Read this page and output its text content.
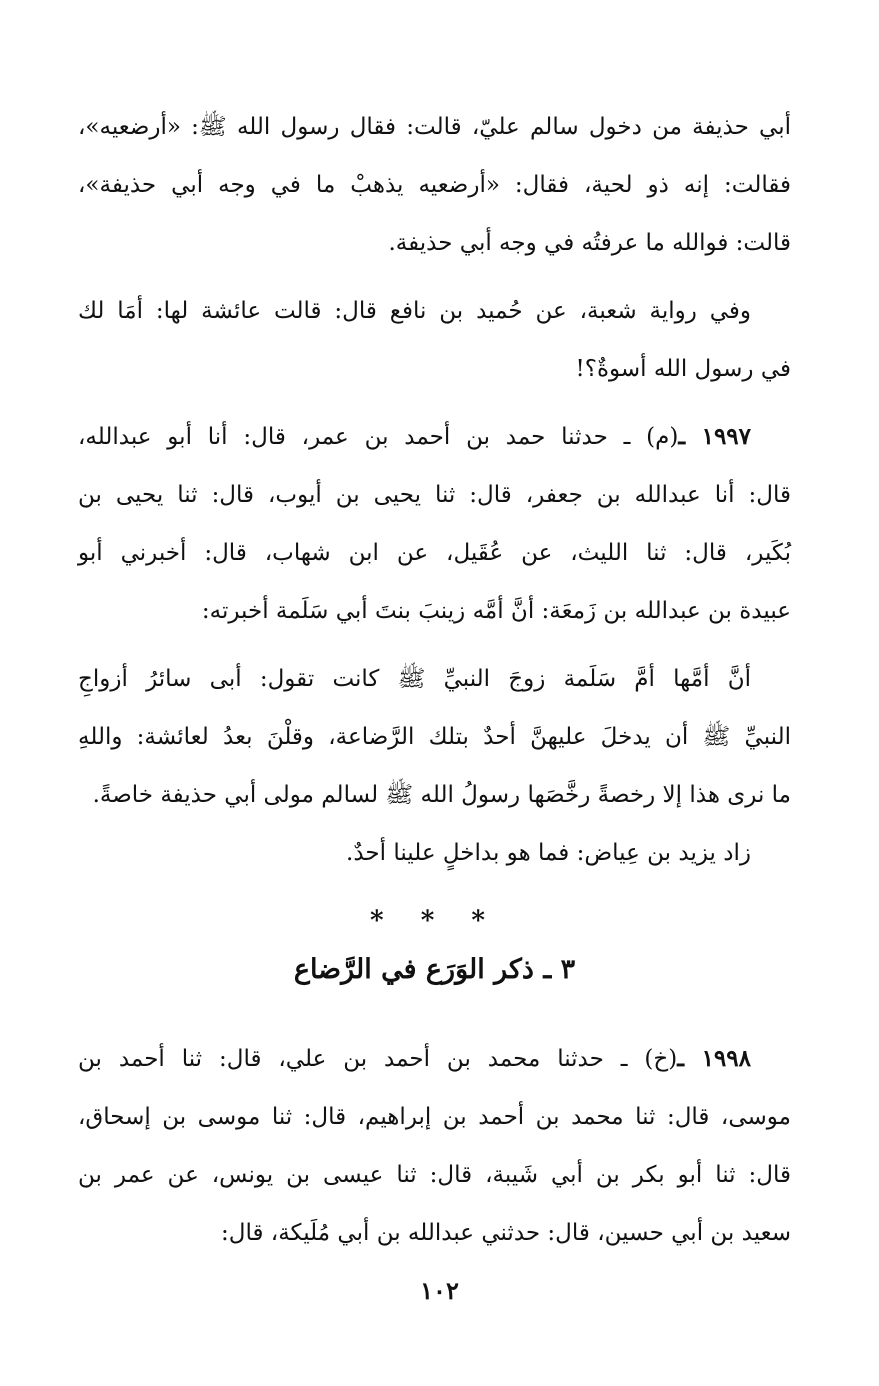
أبي حذيفة من دخول سالم عليّ، قالت: فقال رسول الله ﷺ: «أرضعيه»،
فقالت: إنه ذو لحية، فقال: «أرضعيه يذهبْ ما في وجه أبي حذيفة»،
قالت: فوالله ما عرفتُه في وجه أبي حذيفة.

وفي رواية شعبة، عن حُميد بن نافع قال: قالت عائشة لها: أمَا لك
في رسول الله أسوةٌ؟!

١٩٩٧ ـ(م) ـ حدثنا حمد بن أحمد بن عمر، قال: أنا أبو عبدالله،
قال: أنا عبدالله بن جعفر، قال: ثنا يحيى بن أيوب، قال: ثنا يحيى بن
بُكَير، قال: ثنا الليث، عن عُقَيل، عن ابن شهاب، قال: أخبرني أبو
عبيدة بن عبدالله بن زَمعَة: أنَّ أمَّه زينبَ بنتَ أبي سَلَمة أخبرته:

أنَّ أمَّها أمَّ سَلَمة زوجَ النبيِّ ﷺ كانت تقول: أبى سائرُ أزواجِ
النبيِّ ﷺ أن يدخلَ عليهنَّ أحدٌ بتلك الرَّضاعة، وقلْنَ بعدُ لعائشة: واللهِ
ما نرى هذا إلا رخصةً رخَّصَها رسولُ الله ﷺ لسالم مولى أبي حذيفة خاصةً.

زاد يزيد بن عِياض: فما هو بداخلٍ علينا أحدٌ.

* * *
٣ ـ ذكر الوَرَع في الرَّضاع

١٩٩٨ ـ(خ) ـ حدثنا محمد بن أحمد بن علي، قال: ثنا أحمد بن
موسى، قال: ثنا محمد بن أحمد بن إبراهيم، قال: ثنا موسى بن إسحاق،
قال: ثنا أبو بكر بن أبي شَيبة، قال: ثنا عيسى بن يونس، عن عمر بن
سعيد بن أبي حسين، قال: حدثني عبدالله بن أبي مُلَيكة، قال:

١٠٢
